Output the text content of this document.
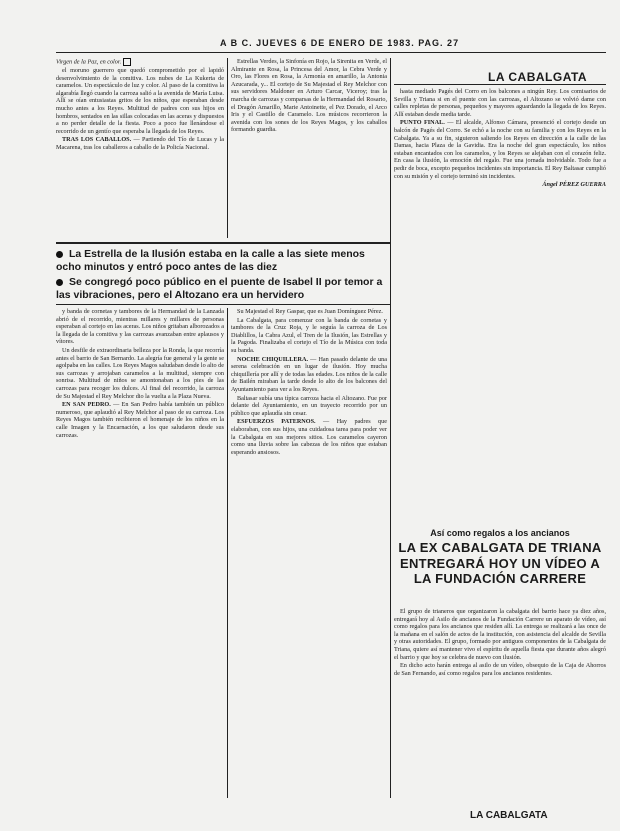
A B C. JUEVES 6 DE ENERO DE 1983. PAG. 27
LA CABALGATA

Virgen de la Paz, en color.

el moruno guerrero que quedó comprometido por el lapidó desenvolvimiento de la comitiva. Los nubes de La Kukerta de caramelos. Un espectáculo de luz y color. Al paso de la comitiva la algarabía llegó cuando la carroza salió a la avenida de María Luisa. Allí se oían entusiastas gritos de los niños, que esperaban desde mucho antes a los Reyes. Multitud de padres con sus hijos en hombros, sentados en las sillas colocadas en las aceras y dispuestos a no perder detalle de la fiesta. Poco a poco fue llenándose el recorrido de un gentío que esperaba la llegada de los Reyes.

TRAS LOS CABALLOS. — Partiendo del Tío de Lucas y la Macarena, tras los caballeros a caballo de la Policía Nacional.

Estrellas Verdes, la Sinfonía en Rojo, la Sirenita en Verde, el Almirante en Rosa, la Princesa del Amor, la Cebra Verde y Oro, las Flores en Rosa, la Armonía en amarillo, la Antonia Azucarada, y... El cortejo de Su Majestad el Rey Melchor con sus servidores Maldoner en Arturo Carcar, Viceroy; tras la marcha de carrozas y comparsas de la Hermandad del Rosario, el Dragón Amarillo, Marie Antoinette, el Pez Dorado, el Arco Iris y el Castillo de Caramelo. Los músicos recorrieron la avenida con los sones de los Reyes Magos, y los caballos formando guardia.

hasta mediado Pagés del Corro en los balcones a ningún Rey. Los comisarios de Sevilla y Triana si en el puente con las carrozas, el Altozano se volvió dame con calles repletas de personas, pequeños y mayores aguardando la llegada de los Reyes. Allí estaban desde media tarde.

PUNTO FINAL. — El alcalde, Alfonso Cámara, presenció el cortejo desde un balcón de Pagés del Corro. Se echó a la noche con su familia y con los Reyes en la Cabalgata. Ya a su fin, siguieron saliendo los Reyes en dirección a la calle de las Damas, hacia Plaza de la Gavidia. Era la noche del gran espectáculo, los niños estaban encantados con los caramelos, y los Reyes se alejaban con el corazón feliz. En casa la ilusión, la emoción del regalo. Fue una jornada inolvidable. Todo fue a pedir de boca, excepto pequeños incidentes sin importancia. El Rey Baltasar cumplió con su misión y el cortejo terminó sin incidentes.

Ángel PÉREZ GUERRA

La Estrella de la Ilusión estaba en la calle a las siete menos ocho minutos y entró poco antes de las diez
Se congregó poco público en el puente de Isabel II por temor a las vibraciones, pero el Altozano era un hervidero

y banda de cornetas y tambores de la Hermandad de la Lanzada abrió de el recorrido, mientras millares y millares de personas esperaban al cortejo en las aceras. Los niños gritaban alborozados a la llegada de la comitiva y las carrozas avanzaban entre aplausos y vítores.

Un desfile de extraordinaria belleza por la Ronda, la que recorría antes el barrio de San Bernardo. La alegría fue general y la gente se agolpaba en las calles. Los Reyes Magos saludaban desde lo alto de sus carrozas y arrojaban caramelos a la multitud, siempre con sonrisa. Multitud de niños se amontonaban a los pies de las carrozas para recoger los dulces. Al final del recorrido, la carroza de Su Majestad el Rey Melchor dio la vuelta a la Plaza Nueva.

EN SAN PEDRO. — En San Pedro había también un público numeroso, que aplaudió al Rey Melchor al paso de su carroza. Los Reyes Magos también recibieron el homenaje de los niños en la calle Imagen y la Encarnación, a los que saludaron desde sus carrozas.

Su Majestad el Rey Gaspar, que es Juan Domínguez Pérez.

La Cabalgata, para comenzar con la banda de cornetas y tambores de la Cruz Roja, y le seguía la carroza de Los Diablillos, la Cabra Azul, el Tren de la Ilusión, las Estrellas y la Pagoda. Finalizaba el cortejo el Tío de la Música con toda su banda.

NOCHE CHIQUILLERA. — Han pasado delante de una serena celebración en un lugar de ilusión. Hoy mucha chiquillería por allí y de todas las edades. Los niños de la calle de Bailén miraban la tarde desde lo alto de los balcones del Ayuntamiento para ver a los Reyes.

Baltasar subía una típica carroza hacia el Altozano. Fue por delante del Ayuntamiento, en un trayecto recorrido por un público que aplaudía sin cesar.

ESFUERZOS PATERNOS. — Hay padres que elaboraban, con sus hijos, una cuidadosa tarea para poder ver la Cabalgata en sus mejores sitios. Los caramelos cayeron como una lluvia sobre las cabezas de los niños que estaban esperando ansiosos.

Así como regalos a los ancianos
LA EX CABALGATA DE TRIANA ENTREGARÁ HOY UN VÍDEO A LA FUNDACIÓN CARRERE

El grupo de trianeros que organizaron la cabalgata del barrio hace ya diez años, entregará hoy al Asilo de ancianos de la Fundación Carrere un aparato de vídeo, así como regalos para los ancianos que residen allí. La entrega se realizará a las once de la mañana en el salón de actos de la institución, con asistencia del alcalde de Sevilla y otras autoridades. El grupo, formado por antiguos componentes de la Cabalgata de Triana, quiere así mantener vivo el espíritu de aquella fiesta que durante años alegró el barrio y que hoy se celebra de nuevo con ilusión.

En dicho acto harán entrega al asilo de un vídeo, obsequio de la Caja de Ahorros de San Fernando, así como regalos para los ancianos residentes.

LA CABALGATA
